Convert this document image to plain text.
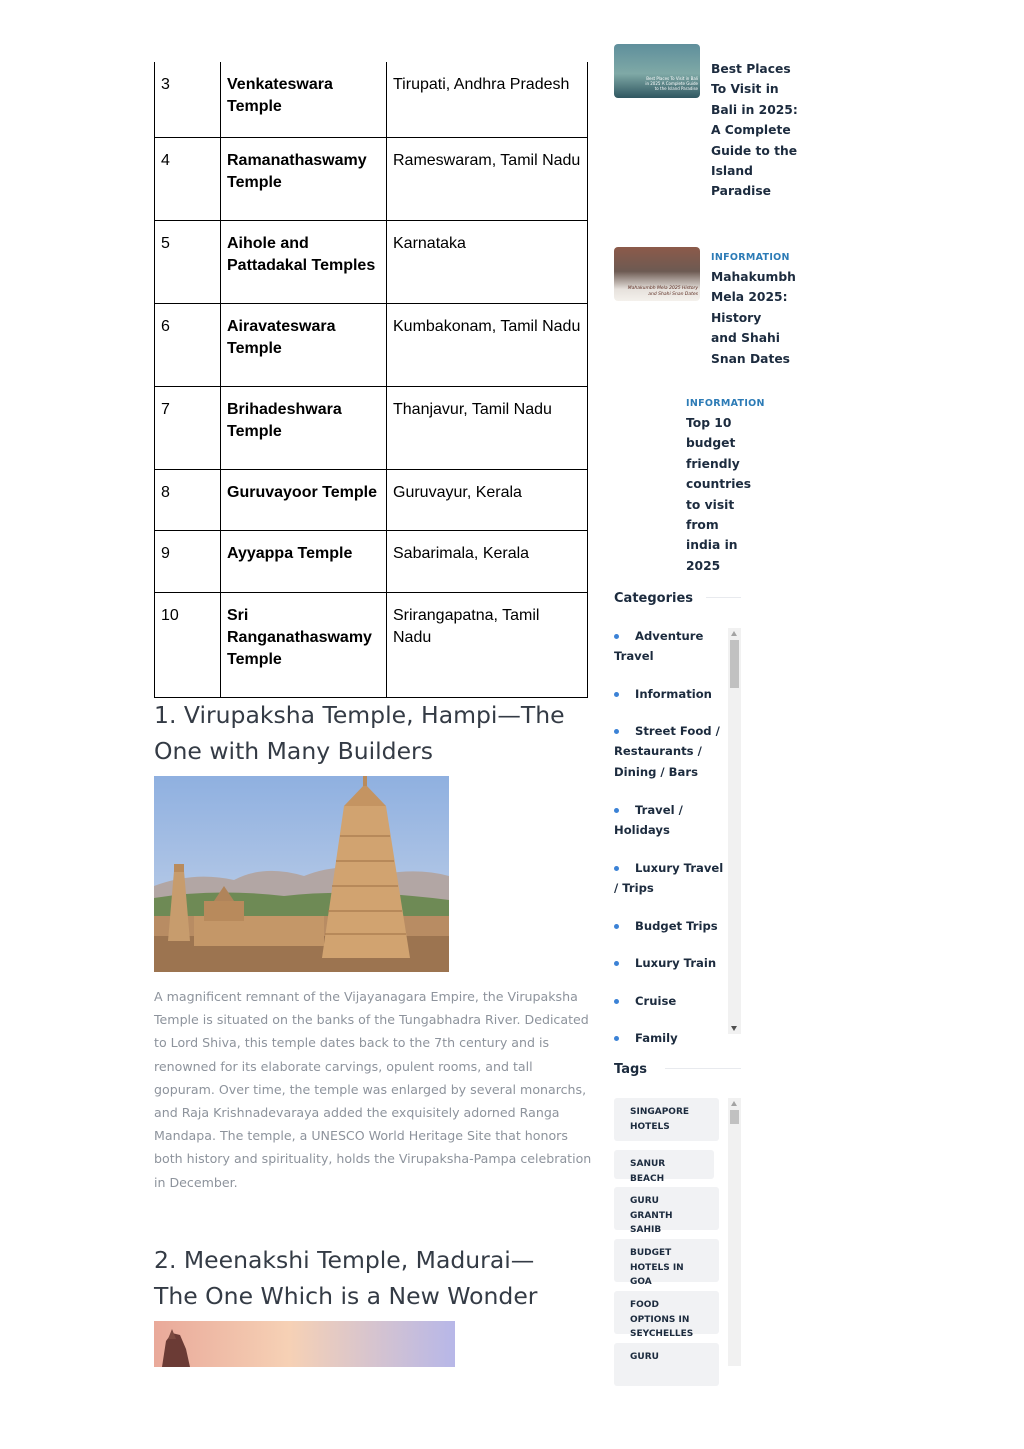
3	Venkateswara Temple	Tirupati, Andhra Pradesh
4	Ramanathaswamy Temple	Rameswaram, Tamil Nadu
5	Aihole and Pattadakal Temples	Karnataka
6	Airavateswara Temple	Kumbakonam, Tamil Nadu
7	Brihadeshwara Temple	Thanjavur, Tamil Nadu
8	Guruvayoor Temple	Guruvayur, Kerala
9	Ayyappa Temple	Sabarimala, Kerala
10	Sri Ranganathaswamy Temple	Srirangapatna, Tamil Nadu
1. Virupaksha Temple, Hampi—The One with Many Builders

A magnificent remnant of the Vijayanagara Empire, the Virupaksha Temple is situated on the banks of the Tungabhadra River. Dedicated to Lord Shiva, this temple dates back to the 7th century and is renowned for its elaborate carvings, opulent rooms, and tall gopuram. Over time, the temple was enlarged by several monarchs, and Raja Krishnadevaraya added the exquisitely adorned Ranga Mandapa. The temple, a UNESCO World Heritage Site that honors both history and spirituality, holds the Virupaksha-Pampa celebration in December.

2. Meenakshi Temple, Madurai—The One Which is a New Wonder
Best Places To Visit in Bali in 2025 A Complete Guide to the Island Paradise
Best Places To Visit in Bali in 2025: A Complete Guide to the Island Paradise
Mahakumbh Mela 2025 History and Shahi Snan Dates
INFORMATION
Mahakumbh Mela 2025: History and Shahi Snan Dates
INFORMATION
Top 10 budget friendly countries to visit from india in 2025
Categories
Adventure Travel
Information
Street Food / Restaurants / Dining / Bars
Travel / Holidays
Luxury Travel / Trips
Budget Trips
Luxury Train
Cruise
Family
Tags
SINGAPORE HOTELS
SANUR BEACH
GURU GRANTH SAHIB
BUDGET HOTELS IN GOA
FOOD OPTIONS IN SEYCHELLES
GURU
